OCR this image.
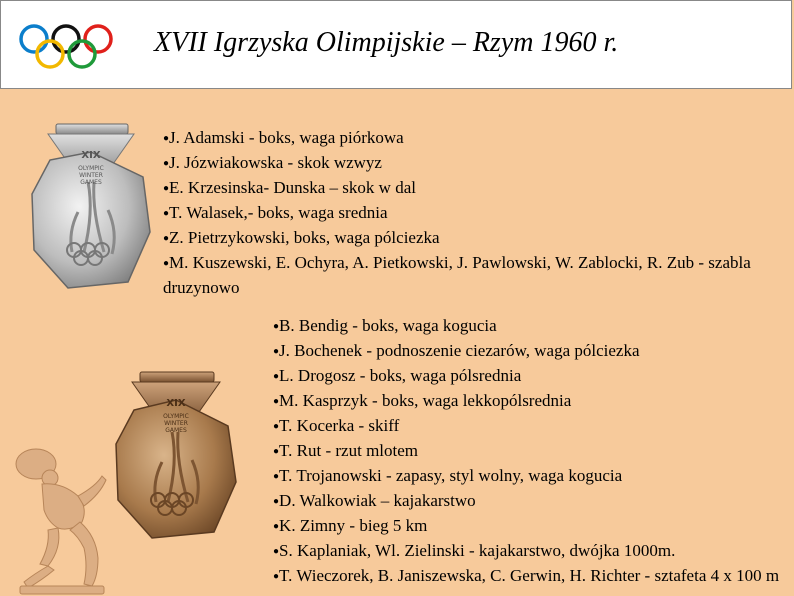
XVII Igrzyska Olimpijskie – Rzym 1960 r.
XIX
OLYMPIC
WINTER
GAMES
●J. Adamski - boks, waga piórkowa
●J. Józwiakowska - skok wzwyz
●E. Krzesinska- Dunska – skok w dal
●T. Walasek,- boks, waga srednia
●Z. Pietrzykowski, boks, waga pólciezka
●M. Kuszewski, E. Ochyra, A. Pietkowski, J. Pawlowski, W. Zablocki, R. Zub - szabla druzynowo
XIX
OLYMPIC
WINTER
GAMES
●B. Bendig - boks, waga kogucia
●J. Bochenek - podnoszenie ciezarów, waga pólciezka
●L. Drogosz - boks, waga pólsrednia
●M. Kasprzyk - boks, waga lekkopólsrednia
●T. Kocerka - skiff
●T. Rut - rzut mlotem
●T. Trojanowski - zapasy, styl wolny, waga kogucia
●D. Walkowiak – kajakarstwo
●K. Zimny - bieg 5 km
●S. Kaplaniak, Wl. Zielinski - kajakarstwo, dwójka 1000m.
●T. Wieczorek, B. Janiszewska, C. Gerwin, H. Richter - sztafeta 4 x 100 m
